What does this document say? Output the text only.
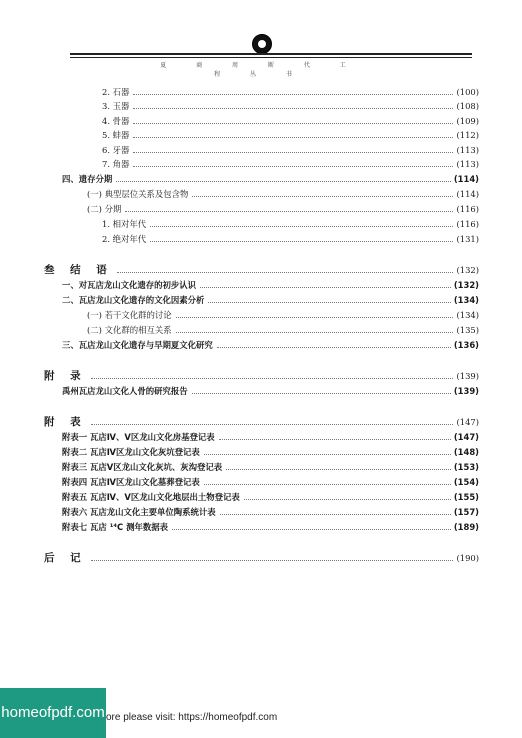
夏 商 周 断 代 工 程 丛 书
2. 石器	(100)
3. 玉器	(108)
4. 骨器	(109)
5. 蚌器	(112)
6. 牙器	(113)
7. 角器	(113)
四、遗存分期	(114)
(一) 典型层位关系及包含物	(114)
(二) 分期	(116)
1. 相对年代	(116)
2. 绝对年代	(131)
叁 结 语	(132)
一、对瓦店龙山文化遗存的初步认识	(132)
二、瓦店龙山文化遗存的文化因素分析	(134)
(一) 若干文化群的讨论	(134)
(二) 文化群的相互关系	(135)
三、瓦店龙山文化遗存与早期夏文化研究	(136)
附 录	(139)
禹州瓦店龙山文化人骨的研究报告	(139)
附 表	(147)
附表一 瓦店Ⅳ、Ⅴ区龙山文化房基登记表	(147)
附表二 瓦店Ⅳ区龙山文化灰坑登记表	(148)
附表三 瓦店Ⅴ区龙山文化灰坑、灰沟登记表	(153)
附表四 瓦店Ⅳ区龙山文化墓葬登记表	(154)
附表五 瓦店Ⅳ、Ⅴ区龙山文化地层出土物登记表	(155)
附表六 瓦店龙山文化主要单位陶系统计表	(157)
附表七 瓦店 ¹⁴C 测年数据表	(189)
后 记	(190)
homeofpdf.com ore please visit: https://homeofpdf.com
